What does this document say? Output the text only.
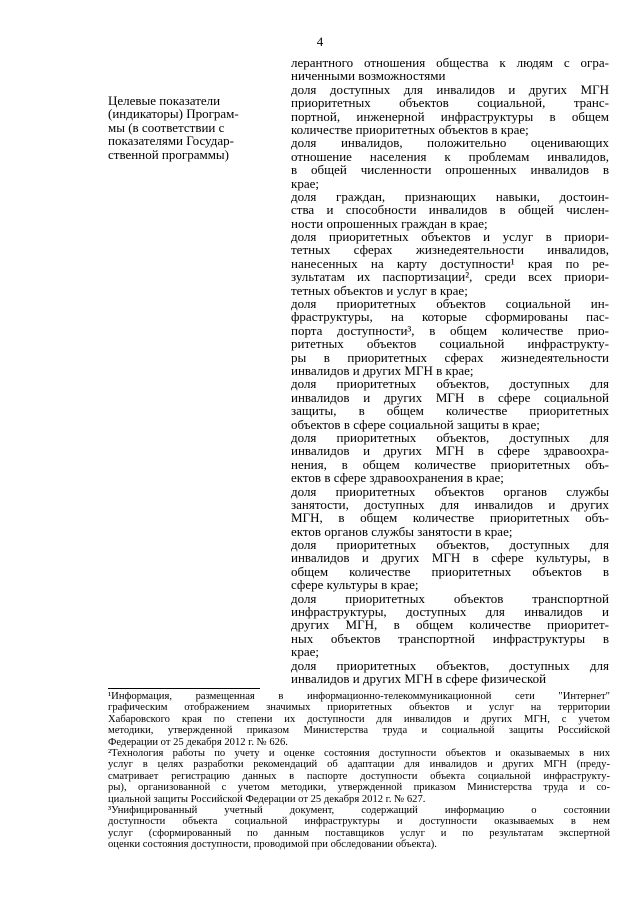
4
Целевые показатели
(индикаторы) Програм-
мы (в соответствии с
показателями Государ-
ственной программы)
лерантного отношения общества к людям с огра-
ниченными возможностями
доля доступных для инвалидов и других МГН
приоритетных объектов социальной, транс-
портной, инженерной инфраструктуры в общем
количестве приоритетных объектов в крае;
доля инвалидов, положительно оценивающих
отношение населения к проблемам инвалидов,
в общей численности опрошенных инвалидов в
крае;
доля граждан, признающих навыки, достоин-
ства и способности инвалидов в общей числен-
ности опрошенных граждан в крае;
доля приоритетных объектов и услуг в приори-
тетных сферах жизнедеятельности инвалидов,
нанесенных на карту доступности¹ края по ре-
зультатам их паспортизации², среди всех приори-
тетных объектов и услуг в крае;
доля приоритетных объектов социальной ин-
фраструктуры, на которые сформированы пас-
порта доступности³, в общем количестве прио-
ритетных объектов социальной инфраструкту-
ры в приоритетных сферах жизнедеятельности
инвалидов и других МГН в крае;
доля приоритетных объектов, доступных для
инвалидов и других МГН в сфере социальной
защиты, в общем количестве приоритетных
объектов в сфере социальной защиты в крае;
доля приоритетных объектов, доступных для
инвалидов и других МГН в сфере здравоохра-
нения, в общем количестве приоритетных объ-
ектов в сфере здравоохранения в крае;
доля приоритетных объектов органов службы
занятости, доступных для инвалидов и других
МГН, в общем количестве приоритетных объ-
ектов органов службы занятости в крае;
доля приоритетных объектов, доступных для
инвалидов и других МГН в сфере культуры, в
общем количестве приоритетных объектов в
сфере культуры в крае;
доля приоритетных объектов транспортной
инфраструктуры, доступных для инвалидов и
других МГН, в общем количестве приоритет-
ных объектов транспортной инфраструктуры в
крае;
доля приоритетных объектов, доступных для
инвалидов и других МГН в сфере физической
¹Информация, размещенная в информационно-телекоммуникационной сети "Интернет"
графическим отображением значимых приоритетных объектов и услуг на территории
Хабаровского края по степени их доступности для инвалидов и других МГН, с учетом
методики, утвержденной приказом Министерства труда и социальной защиты Российской
Федерации от 25 декабря 2012 г. № 626.
²Технология работы по учету и оценке состояния доступности объектов и оказываемых в них
услуг в целях разработки рекомендаций об адаптации для инвалидов и других МГН (преду-
сматривает регистрацию данных в паспорте доступности объекта социальной инфраструкту-
ры), организованной с учетом методики, утвержденной приказом Министерства труда и со-
циальной защиты Российской Федерации от 25 декабря 2012 г. № 627.
³Унифицированный учетный документ, содержащий информацию о состоянии
доступности объекта социальной инфраструктуры и доступности оказываемых в нем
услуг (сформированный по данным поставщиков услуг и по результатам экспертной
оценки состояния доступности, проводимой при обследовании объекта).
